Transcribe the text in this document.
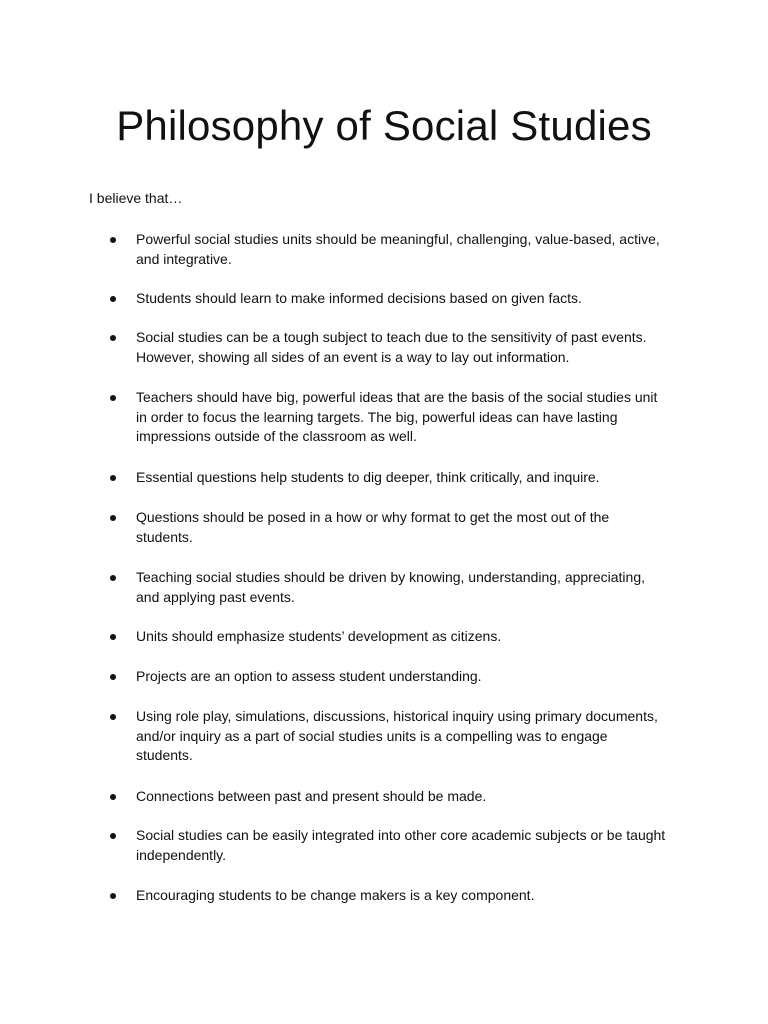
Philosophy of Social Studies

I believe that…

Powerful social studies units should be meaningful, challenging, value-based, active,
and integrative.
Students should learn to make informed decisions based on given facts.
Social studies can be a tough subject to teach due to the sensitivity of past events.
However, showing all sides of an event is a way to lay out information.
Teachers should have big, powerful ideas that are the basis of the social studies unit
in order to focus the learning targets. The big, powerful ideas can have lasting
impressions outside of the classroom as well.
Essential questions help students to dig deeper, think critically, and inquire.
Questions should be posed in a how or why format to get the most out of the
students.
Teaching social studies should be driven by knowing, understanding, appreciating,
and applying past events.
Units should emphasize students’ development as citizens.
Projects are an option to assess student understanding.
Using role play, simulations, discussions, historical inquiry using primary documents,
and/or inquiry as a part of social studies units is a compelling was to engage
students.
Connections between past and present should be made.
Social studies can be easily integrated into other core academic subjects or be taught
independently.
Encouraging students to be change makers is a key component.
